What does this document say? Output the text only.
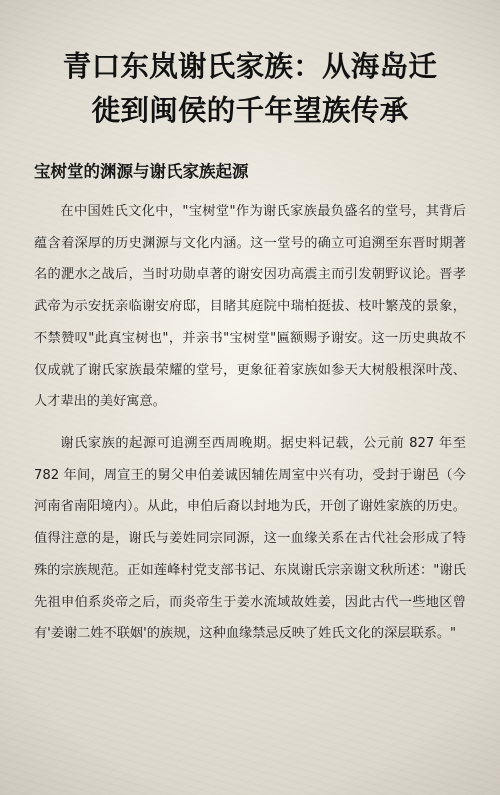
青口东岚谢氏家族：从海岛迁
徙到闽侯的千年望族传承
宝树堂的渊源与谢氏家族起源

在中国姓氏文化中，"宝树堂"作为谢氏家族最负盛名的堂号，其背后蕴含着深厚的历史渊源与文化内涵。这一堂号的确立可追溯至东晋时期著名的淝水之战后，当时功勋卓著的谢安因功高震主而引发朝野议论。晋孝武帝为示安抚亲临谢安府邸，目睹其庭院中瑞柏挺拔、枝叶繁茂的景象，不禁赞叹"此真宝树也"，并亲书"宝树堂"匾额赐予谢安。这一历史典故不仅成就了谢氏家族最荣耀的堂号，更象征着家族如参天大树般根深叶茂、人才辈出的美好寓意。

谢氏家族的起源可追溯至西周晚期。据史料记载，公元前 827 年至 782 年间，周宣王的舅父申伯姜诚因辅佐周室中兴有功，受封于谢邑（今河南省南阳境内）。从此，申伯后裔以封地为氏，开创了谢姓家族的历史。值得注意的是，谢氏与姜姓同宗同源，这一血缘关系在古代社会形成了特殊的宗族规范。正如莲峰村党支部书记、东岚谢氏宗亲谢文秋所述："谢氏先祖申伯系炎帝之后，而炎帝生于姜水流域故姓姜，因此古代一些地区曾有'姜谢二姓不联姻'的族规，这种血缘禁忌反映了姓氏文化的深层联系。"
